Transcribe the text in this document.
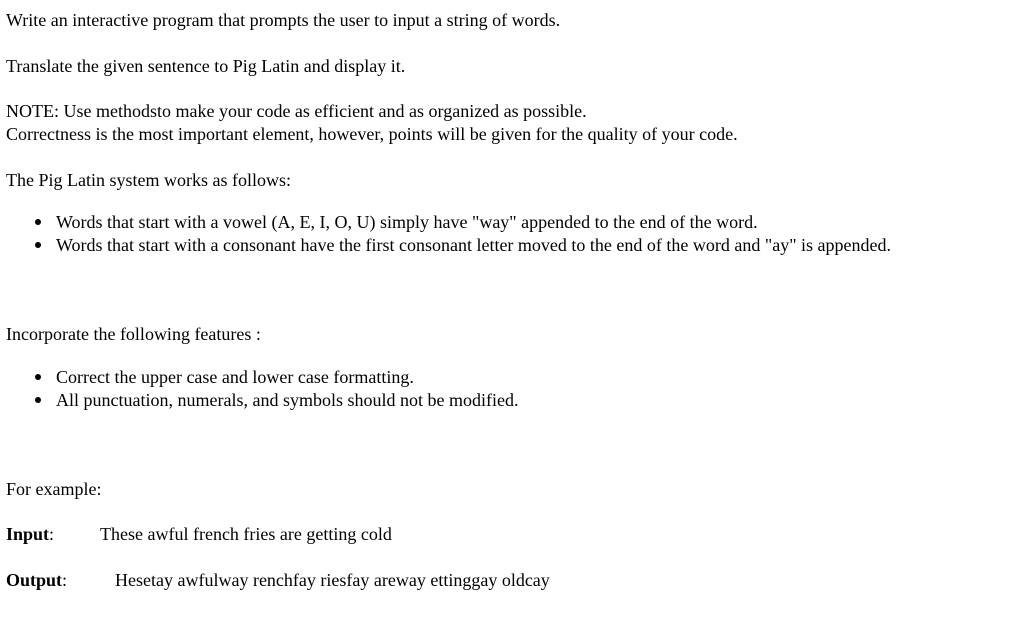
Write an interactive program that prompts the user to input a string of words.

Translate the given sentence to Pig Latin and display it.

NOTE: Use methodsto make your code as efficient and as organized as possible.

Correctness is the most important element, however, points will be given for the quality of your code.

The Pig Latin system works as follows:

Words that start with a vowel (A, E, I, O, U) simply have "way" appended to the end of the word.
Words that start with a consonant have the first consonant letter moved to the end of the word and "ay" is appended.

Incorporate the following features :

Correct the upper case and lower case formatting.
All punctuation, numerals, and symbols should not be modified.

For example:

Input:	These awful french fries are getting cold

Output:	Hesetay awfulway renchfay riesfay areway ettinggay oldcay
